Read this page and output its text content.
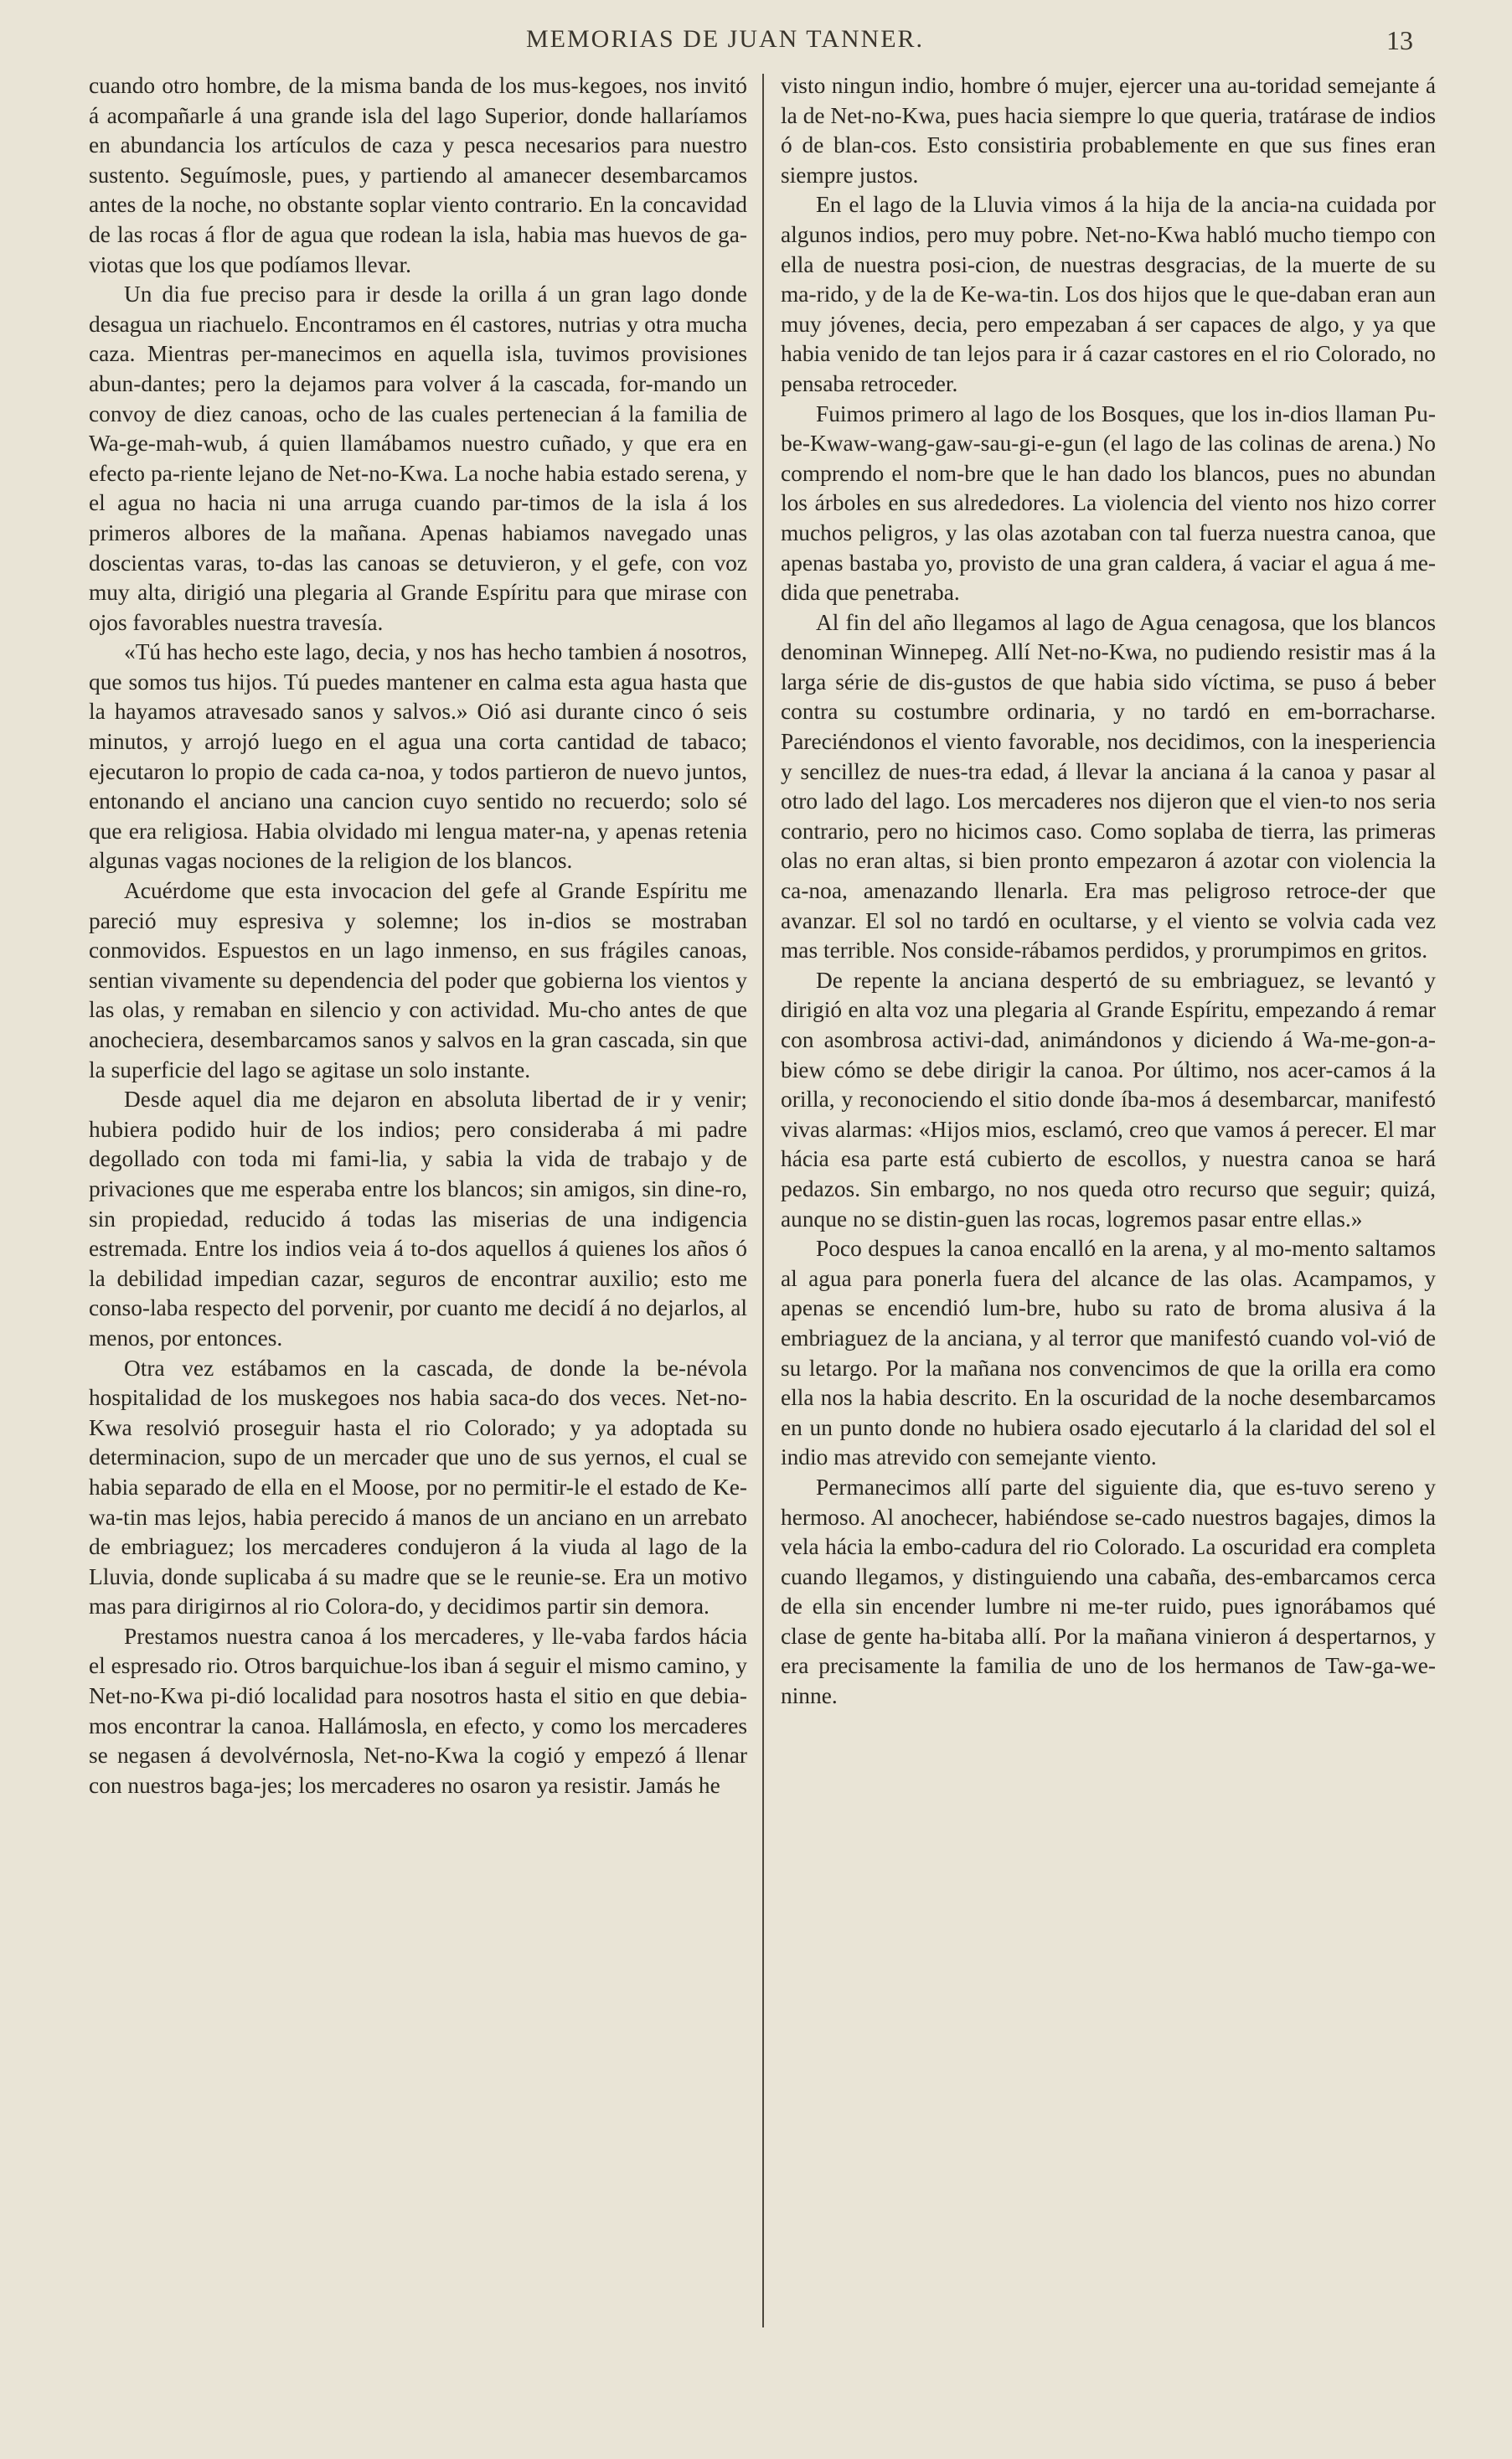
MEMORIAS DE JUAN TANNER.	13

cuando otro hombre, de la misma banda de los mus-kegoes, nos invitó á acompañarle á una grande isla del lago Superior, donde hallaríamos en abundancia los artículos de caza y pesca necesarios para nuestro sustento. Seguímosle, pues, y partiendo al amanecer desembarcamos antes de la noche, no obstante soplar viento contrario. En la concavidad de las rocas á flor de agua que rodean la isla, habia mas huevos de ga-viotas que los que podíamos llevar.

Un dia fue preciso para ir desde la orilla á un gran lago donde desagua un riachuelo. Encontramos en él castores, nutrias y otra mucha caza. Mientras per-manecimos en aquella isla, tuvimos provisiones abun-dantes; pero la dejamos para volver á la cascada, for-mando un convoy de diez canoas, ocho de las cuales pertenecian á la familia de Wa-ge-mah-wub, á quien llamábamos nuestro cuñado, y que era en efecto pa-riente lejano de Net-no-Kwa. La noche habia estado serena, y el agua no hacia ni una arruga cuando par-timos de la isla á los primeros albores de la mañana. Apenas habiamos navegado unas doscientas varas, to-das las canoas se detuvieron, y el gefe, con voz muy alta, dirigió una plegaria al Grande Espíritu para que mirase con ojos favorables nuestra travesía.

«Tú has hecho este lago, decia, y nos has hecho tambien á nosotros, que somos tus hijos. Tú puedes mantener en calma esta agua hasta que la hayamos atravesado sanos y salvos.» Oió asi durante cinco ó seis minutos, y arrojó luego en el agua una corta cantidad de tabaco; ejecutaron lo propio de cada ca-noa, y todos partieron de nuevo juntos, entonando el anciano una cancion cuyo sentido no recuerdo; solo sé que era religiosa. Habia olvidado mi lengua mater-na, y apenas retenia algunas vagas nociones de la religion de los blancos.

Acuérdome que esta invocacion del gefe al Grande Espíritu me pareció muy espresiva y solemne; los in-dios se mostraban conmovidos. Espuestos en un lago inmenso, en sus frágiles canoas, sentian vivamente su dependencia del poder que gobierna los vientos y las olas, y remaban en silencio y con actividad. Mu-cho antes de que anocheciera, desembarcamos sanos y salvos en la gran cascada, sin que la superficie del lago se agitase un solo instante.

Desde aquel dia me dejaron en absoluta libertad de ir y venir; hubiera podido huir de los indios; pero consideraba á mi padre degollado con toda mi fami-lia, y sabia la vida de trabajo y de privaciones que me esperaba entre los blancos; sin amigos, sin dine-ro, sin propiedad, reducido á todas las miserias de una indigencia estremada. Entre los indios veia á to-dos aquellos á quienes los años ó la debilidad impedian cazar, seguros de encontrar auxilio; esto me conso-laba respecto del porvenir, por cuanto me decidí á no dejarlos, al menos, por entonces.

Otra vez estábamos en la cascada, de donde la be-névola hospitalidad de los muskegoes nos habia saca-do dos veces. Net-no-Kwa resolvió proseguir hasta el rio Colorado; y ya adoptada su determinacion, supo de un mercader que uno de sus yernos, el cual se habia separado de ella en el Moose, por no permitir-le el estado de Ke-wa-tin mas lejos, habia perecido á manos de un anciano en un arrebato de embriaguez; los mercaderes condujeron á la viuda al lago de la Lluvia, donde suplicaba á su madre que se le reunie-se. Era un motivo mas para dirigirnos al rio Colora-do, y decidimos partir sin demora.

Prestamos nuestra canoa á los mercaderes, y lle-vaba fardos hácia el espresado rio. Otros barquichue-los iban á seguir el mismo camino, y Net-no-Kwa pi-dió localidad para nosotros hasta el sitio en que debia-mos encontrar la canoa. Hallámosla, en efecto, y como los mercaderes se negasen á devolvérnosla, Net-no-Kwa la cogió y empezó á llenar con nuestros baga-jes; los mercaderes no osaron ya resistir. Jamás he

visto ningun indio, hombre ó mujer, ejercer una au-toridad semejante á la de Net-no-Kwa, pues hacia siempre lo que queria, tratárase de indios ó de blan-cos. Esto consistiria probablemente en que sus fines eran siempre justos.

En el lago de la Lluvia vimos á la hija de la ancia-na cuidada por algunos indios, pero muy pobre. Net-no-Kwa habló mucho tiempo con ella de nuestra posi-cion, de nuestras desgracias, de la muerte de su ma-rido, y de la de Ke-wa-tin. Los dos hijos que le que-daban eran aun muy jóvenes, decia, pero empezaban á ser capaces de algo, y ya que habia venido de tan lejos para ir á cazar castores en el rio Colorado, no pensaba retroceder.

Fuimos primero al lago de los Bosques, que los in-dios llaman Pu-be-Kwaw-wang-gaw-sau-gi-e-gun (el lago de las colinas de arena.) No comprendo el nom-bre que le han dado los blancos, pues no abundan los árboles en sus alrededores. La violencia del viento nos hizo correr muchos peligros, y las olas azotaban con tal fuerza nuestra canoa, que apenas bastaba yo, provisto de una gran caldera, á vaciar el agua á me-dida que penetraba.

Al fin del año llegamos al lago de Agua cenagosa, que los blancos denominan Winnepeg. Allí Net-no-Kwa, no pudiendo resistir mas á la larga série de dis-gustos de que habia sido víctima, se puso á beber contra su costumbre ordinaria, y no tardó en em-borracharse. Pareciéndonos el viento favorable, nos decidimos, con la inesperiencia y sencillez de nues-tra edad, á llevar la anciana á la canoa y pasar al otro lado del lago. Los mercaderes nos dijeron que el vien-to nos seria contrario, pero no hicimos caso. Como soplaba de tierra, las primeras olas no eran altas, si bien pronto empezaron á azotar con violencia la ca-noa, amenazando llenarla. Era mas peligroso retroce-der que avanzar. El sol no tardó en ocultarse, y el viento se volvia cada vez mas terrible. Nos conside-rábamos perdidos, y prorumpimos en gritos.

De repente la anciana despertó de su embriaguez, se levantó y dirigió en alta voz una plegaria al Grande Espíritu, empezando á remar con asombrosa activi-dad, animándonos y diciendo á Wa-me-gon-a-biew cómo se debe dirigir la canoa. Por último, nos acer-camos á la orilla, y reconociendo el sitio donde íba-mos á desembarcar, manifestó vivas alarmas: «Hijos mios, esclamó, creo que vamos á perecer. El mar hácia esa parte está cubierto de escollos, y nuestra canoa se hará pedazos. Sin embargo, no nos queda otro recurso que seguir; quizá, aunque no se distin-guen las rocas, logremos pasar entre ellas.»

Poco despues la canoa encalló en la arena, y al mo-mento saltamos al agua para ponerla fuera del alcance de las olas. Acampamos, y apenas se encendió lum-bre, hubo su rato de broma alusiva á la embriaguez de la anciana, y al terror que manifestó cuando vol-vió de su letargo. Por la mañana nos convencimos de que la orilla era como ella nos la habia descrito. En la oscuridad de la noche desembarcamos en un punto donde no hubiera osado ejecutarlo á la claridad del sol el indio mas atrevido con semejante viento.

Permanecimos allí parte del siguiente dia, que es-tuvo sereno y hermoso. Al anochecer, habiéndose se-cado nuestros bagajes, dimos la vela hácia la embo-cadura del rio Colorado. La oscuridad era completa cuando llegamos, y distinguiendo una cabaña, des-embarcamos cerca de ella sin encender lumbre ni me-ter ruido, pues ignorábamos qué clase de gente ha-bitaba allí. Por la mañana vinieron á despertarnos, y era precisamente la familia de uno de los hermanos de Taw-ga-we-ninne.
